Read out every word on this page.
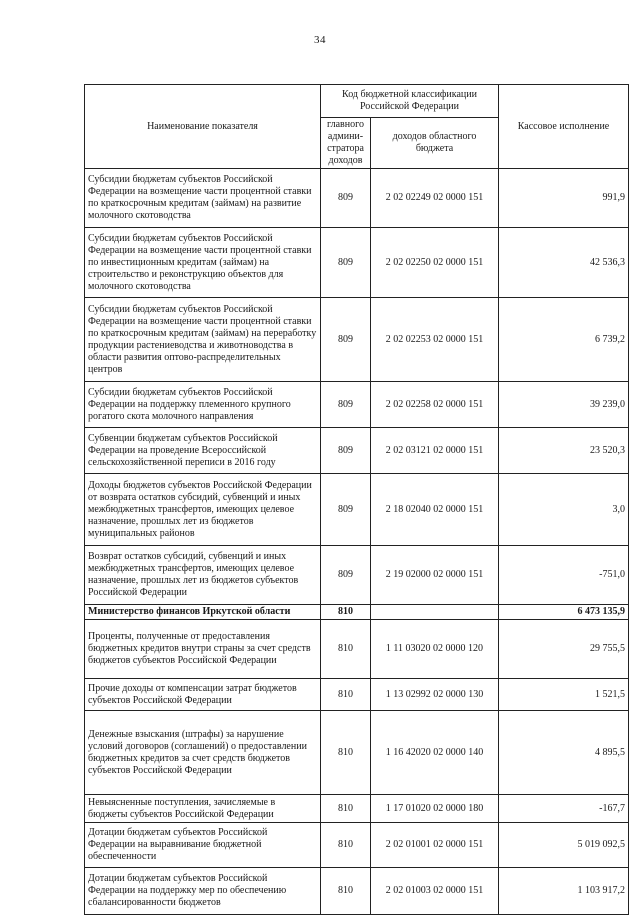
34
Наименование показателя	Код бюджетной классификации Российской Федерации		Кассовое исполнение
	главного админи-стратора доходов	доходов областного бюджета	
Субсидии бюджетам субъектов Российской Федерации на возмещение части процентной ставки по краткосрочным кредитам (займам) на развитие молочного скотоводства	809	2 02 02249 02 0000 151	991,9
Субсидии бюджетам субъектов Российской Федерации на возмещение части процентной ставки по инвестиционным кредитам (займам) на строительство и реконструкцию объектов для молочного скотоводства	809	2 02 02250 02 0000 151	42 536,3
Субсидии бюджетам субъектов Российской Федерации на возмещение части процентной ставки по краткосрочным кредитам (займам) на переработку продукции растениеводства и животноводства в области развития оптово-распределительных центров	809	2 02 02253 02 0000 151	6 739,2
Субсидии бюджетам субъектов Российской Федерации на поддержку племенного крупного рогатого скота молочного направления	809	2 02 02258 02 0000 151	39 239,0
Субвенции бюджетам субъектов Российской Федерации на проведение Всероссийской сельскохозяйственной переписи в 2016 году	809	2 02 03121 02 0000 151	23 520,3
Доходы бюджетов субъектов Российской Федерации от возврата остатков субсидий, субвенций и иных межбюджетных трансфертов, имеющих целевое назначение, прошлых лет из бюджетов муниципальных районов	809	2 18 02040 02 0000 151	3,0
Возврат остатков субсидий, субвенций и иных межбюджетных трансфертов, имеющих целевое назначение, прошлых лет из бюджетов субъектов Российской Федерации	809	2 19 02000 02 0000 151	-751,0
Министерство финансов Иркутской области	810		6 473 135,9
Проценты, полученные от предоставления бюджетных кредитов внутри страны за счет средств бюджетов субъектов Российской Федерации	810	1 11 03020 02 0000 120	29 755,5
Прочие доходы от компенсации затрат бюджетов субъектов Российской Федерации	810	1 13 02992 02 0000 130	1 521,5
Денежные взыскания (штрафы) за нарушение условий договоров (соглашений) о предоставлении бюджетных кредитов за счет средств бюджетов субъектов Российской Федерации	810	1 16 42020 02 0000 140	4 895,5
Невыясненные поступления, зачисляемые в бюджеты субъектов Российской Федерации	810	1 17 01020 02 0000 180	-167,7
Дотации бюджетам субъектов Российской Федерации на выравнивание бюджетной обеспеченности	810	2 02 01001 02 0000 151	5 019 092,5
Дотации бюджетам субъектов Российской Федерации на поддержку мер по обеспечению сбалансированности бюджетов	810	2 02 01003 02 0000 151	1 103 917,2
